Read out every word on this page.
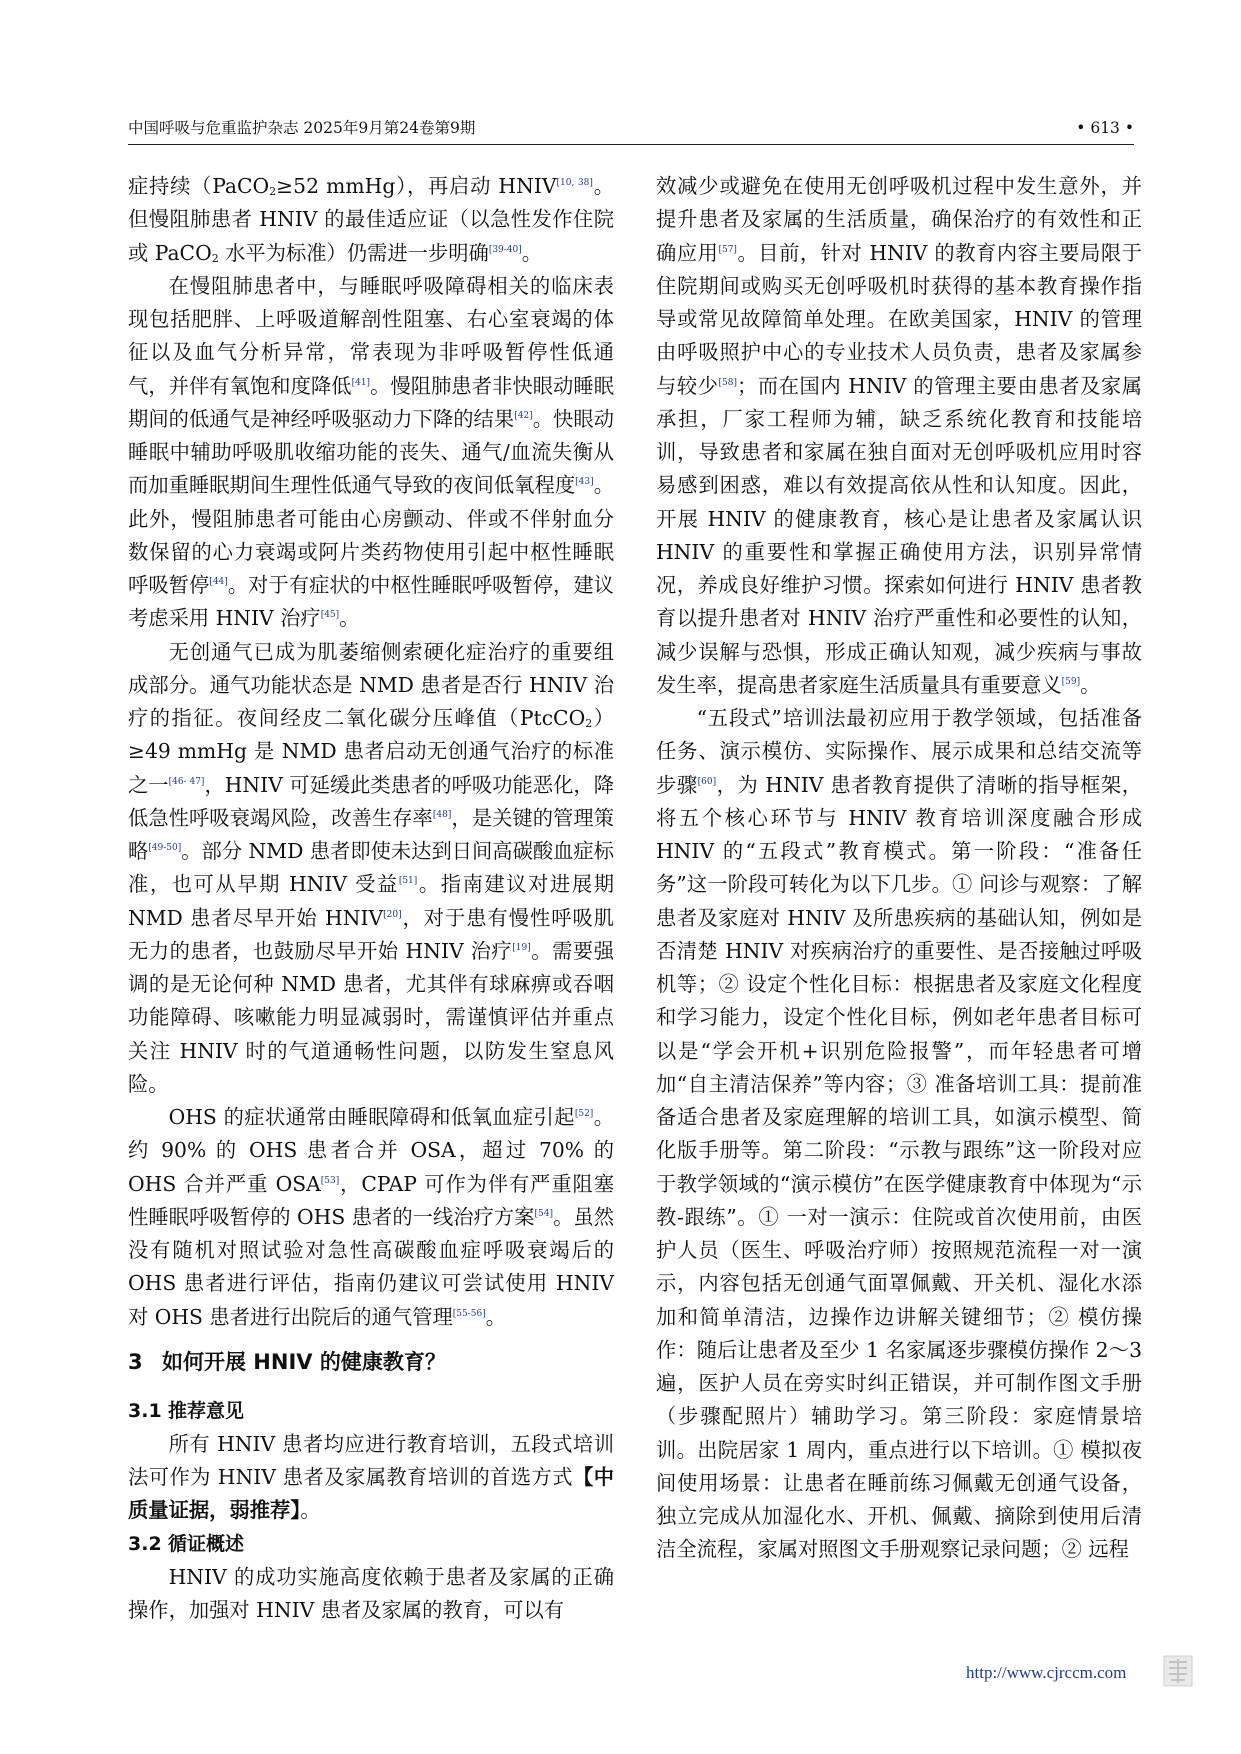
中国呼吸与危重监护杂志 2025年9月第24卷第9期	• 613 •

症持续（PaCO$_2$≥52 mmHg），再启动 HNIV[10, 38]。但慢阻肺患者 HNIV 的最佳适应证（以急性发作住院或 PaCO$_2$ 水平为标准）仍需进一步明确[39-40]。

在慢阻肺患者中，与睡眠呼吸障碍相关的临床表现包括肥胖、上呼吸道解剖性阻塞、右心室衰竭的体征以及血气分析异常，常表现为非呼吸暂停性低通气，并伴有氧饱和度降低[41]。慢阻肺患者非快眼动睡眠期间的低通气是神经呼吸驱动力下降的结果[42]。快眼动睡眠中辅助呼吸肌收缩功能的丧失、通气/血流失衡从而加重睡眠期间生理性低通气导致的夜间低氧程度[43]。此外，慢阻肺患者可能由心房颤动、伴或不伴射血分数保留的心力衰竭或阿片类药物使用引起中枢性睡眠呼吸暂停[44]。对于有症状的中枢性睡眠呼吸暂停，建议考虑采用 HNIV 治疗[45]。

无创通气已成为肌萎缩侧索硬化症治疗的重要组成部分。通气功能状态是 NMD 患者是否行 HNIV 治疗的指征。夜间经皮二氧化碳分压峰值（PtcCO$_2$）≥49 mmHg 是 NMD 患者启动无创通气治疗的标准之一[46- 47]，HNIV 可延缓此类患者的呼吸功能恶化，降低急性呼吸衰竭风险，改善生存率[48]，是关键的管理策略[49-50]。部分 NMD 患者即使未达到日间高碳酸血症标准，也可从早期 HNIV 受益[51]。指南建议对进展期 NMD 患者尽早开始 HNIV[20]，对于患有慢性呼吸肌无力的患者，也鼓励尽早开始 HNIV 治疗[19]。需要强调的是无论何种 NMD 患者，尤其伴有球麻痹或吞咽功能障碍、咳嗽能力明显减弱时，需谨慎评估并重点关注 HNIV 时的气道通畅性问题，以防发生窒息风险。

OHS 的症状通常由睡眠障碍和低氧血症引起[52]。约 90% 的 OHS 患者合并 OSA，超过 70% 的 OHS 合并严重 OSA[53]，CPAP 可作为伴有严重阻塞性睡眠呼吸暂停的 OHS 患者的一线治疗方案[54]。虽然没有随机对照试验对急性高碳酸血症呼吸衰竭后的 OHS 患者进行评估，指南仍建议可尝试使用 HNIV 对 OHS 患者进行出院后的通气管理[55-56]。

3 如何开展 HNIV 的健康教育？
3.1 推荐意见

所有 HNIV 患者均应进行教育培训，五段式培训法可作为 HNIV 患者及家属教育培训的首选方式【中质量证据，弱推荐】。

3.2 循证概述

HNIV 的成功实施高度依赖于患者及家属的正确操作，加强对 HNIV 患者及家属的教育，可以有

效减少或避免在使用无创呼吸机过程中发生意外，并提升患者及家属的生活质量，确保治疗的有效性和正确应用[57]。目前，针对 HNIV 的教育内容主要局限于住院期间或购买无创呼吸机时获得的基本教育操作指导或常见故障简单处理。在欧美国家，HNIV 的管理由呼吸照护中心的专业技术人员负责，患者及家属参与较少[58]；而在国内 HNIV 的管理主要由患者及家属承担，厂家工程师为辅，缺乏系统化教育和技能培训，导致患者和家属在独自面对无创呼吸机应用时容易感到困惑，难以有效提高依从性和认知度。因此，开展 HNIV 的健康教育，核心是让患者及家属认识 HNIV 的重要性和掌握正确使用方法，识别异常情况，养成良好维护习惯。探索如何进行 HNIV 患者教育以提升患者对 HNIV 治疗严重性和必要性的认知，减少误解与恐惧，形成正确认知观，减少疾病与事故发生率，提高患者家庭生活质量具有重要意义[59]。

“五段式”培训法最初应用于教学领域，包括准备任务、演示模仿、实际操作、展示成果和总结交流等步骤[60]，为 HNIV 患者教育提供了清晰的指导框架，将五个核心环节与 HNIV 教育培训深度融合形成 HNIV 的“五段式”教育模式。第一阶段：“准备任务”这一阶段可转化为以下几步。① 问诊与观察：了解患者及家庭对 HNIV 及所患疾病的基础认知，例如是否清楚 HNIV 对疾病治疗的重要性、是否接触过呼吸机等；② 设定个性化目标：根据患者及家庭文化程度和学习能力，设定个性化目标，例如老年患者目标可以是“学会开机+识别危险报警”，而年轻患者可增加“自主清洁保养”等内容；③ 准备培训工具：提前准备适合患者及家庭理解的培训工具，如演示模型、简化版手册等。第二阶段：“示教与跟练”这一阶段对应于教学领域的“演示模仿”在医学健康教育中体现为“示教-跟练”。① 一对一演示：住院或首次使用前，由医护人员（医生、呼吸治疗师）按照规范流程一对一演示，内容包括无创通气面罩佩戴、开关机、湿化水添加和简单清洁，边操作边讲解关键细节；② 模仿操作：随后让患者及至少 1 名家属逐步骤模仿操作 2～3 遍，医护人员在旁实时纠正错误，并可制作图文手册（步骤配照片）辅助学习。第三阶段：家庭情景培训。出院居家 1 周内，重点进行以下培训。① 模拟夜间使用场景：让患者在睡前练习佩戴无创通气设备，独立完成从加湿化水、开机、佩戴、摘除到使用后清洁全流程，家属对照图文手册观察记录问题；② 远程

http://www.cjrccm.com
